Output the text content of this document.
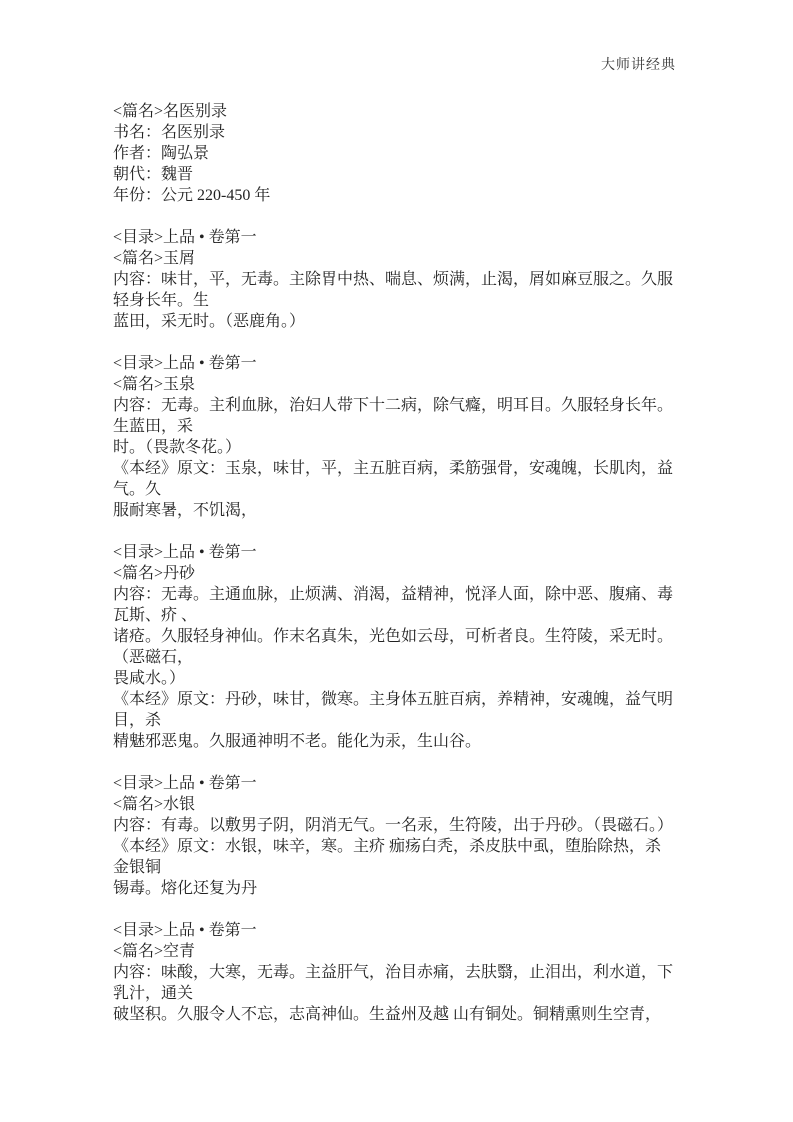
大师讲经典
<篇名>名医别录
书名：名医别录
作者：陶弘景
朝代：魏晋
年份：公元 220-450 年
<目录>上品 • 卷第一
<篇名>玉屑
内容：味甘，平，无毒。主除胃中热、喘息、烦满，止渴，屑如麻豆服之。久服
轻身长年。生
蓝田，采无时。（恶鹿角。）
<目录>上品 • 卷第一
<篇名>玉泉
内容：无毒。主利血脉，治妇人带下十二病，除气癃，明耳目。久服轻身长年。
生蓝田，采
时。（畏款冬花。）
《本经》原文：玉泉，味甘，平，主五脏百病，柔筋强骨，安魂魄，长肌肉，益
气。久
服耐寒暑，不饥渴，
<目录>上品 • 卷第一
<篇名>丹砂
内容：无毒。主通血脉，止烦满、消渴，益精神，悦泽人面，除中恶、腹痛、毒
瓦斯、疥 、
诸疮。久服轻身神仙。作末名真朱，光色如云母，可析者良。生符陵，采无时。
（恶磁石，
畏咸水。）
《本经》原文：丹砂，味甘，微寒。主身体五脏百病，养精神，安魂魄，益气明
目，杀
精魅邪恶鬼。久服通神明不老。能化为汞，生山谷。
<目录>上品 • 卷第一
<篇名>水银
内容：有毒。以敷男子阴，阴消无气。一名汞，生符陵，出于丹砂。（畏磁石。）
《本经》原文：水银，味辛，寒。主疥 痂疡白秃，杀皮肤中虱，堕胎除热，杀
金银铜
锡毒。熔化还复为丹
<目录>上品 • 卷第一
<篇名>空青
内容：味酸，大寒，无毒。主益肝气，治目赤痛，去肤翳，止泪出，利水道，下
乳汁，通关
破坚积。久服令人不忘，志高神仙。生益州及越 山有铜处。铜精熏则生空青，
